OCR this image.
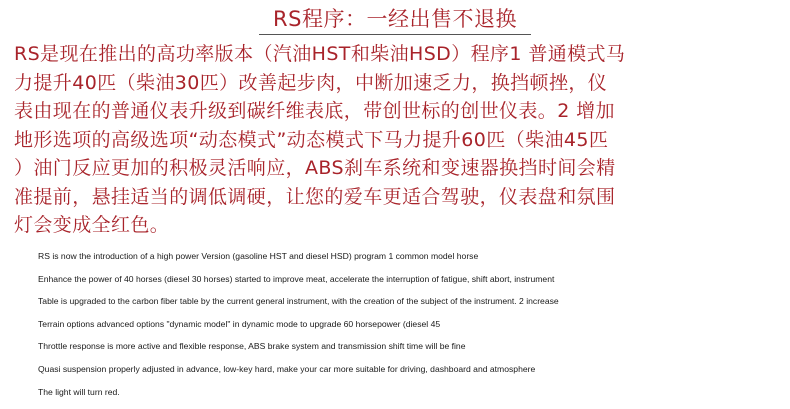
RS程序：一经出售不退换
RS是现在推出的高功率版本（汽油HST和柴油HSD）程序1 普通模式马
力提升40匹（柴油30匹）改善起步肉，中断加速乏力，换挡顿挫，仪
表由现在的普通仪表升级到碳纤维表底，带创世标的创世仪表。2 增加
地形选项的高级选项“动态模式”动态模式下马力提升60匹（柴油45匹
）油门反应更加的积极灵活响应，ABS刹车系统和变速器换挡时间会精
准提前，悬挂适当的调低调硬，让您的爱车更适合驾驶，仪表盘和氛围
灯会变成全红色。
RS is now the introduction of a high power Version (gasoline HST and diesel HSD) program 1 common model horse
Enhance the power of 40 horses (diesel 30 horses) started to improve meat, accelerate the interruption of fatigue, shift abort, instrument
Table is upgraded to the carbon fiber table by the current general instrument, with the creation of the subject of the instrument. 2 increase
Terrain options advanced options "dynamic model" in dynamic mode to upgrade 60 horsepower (diesel 45
Throttle response is more active and flexible response, ABS brake system and transmission shift time will be fine
Quasi suspension properly adjusted in advance, low-key hard, make your car more suitable for driving, dashboard and atmosphere
The light will turn red.
